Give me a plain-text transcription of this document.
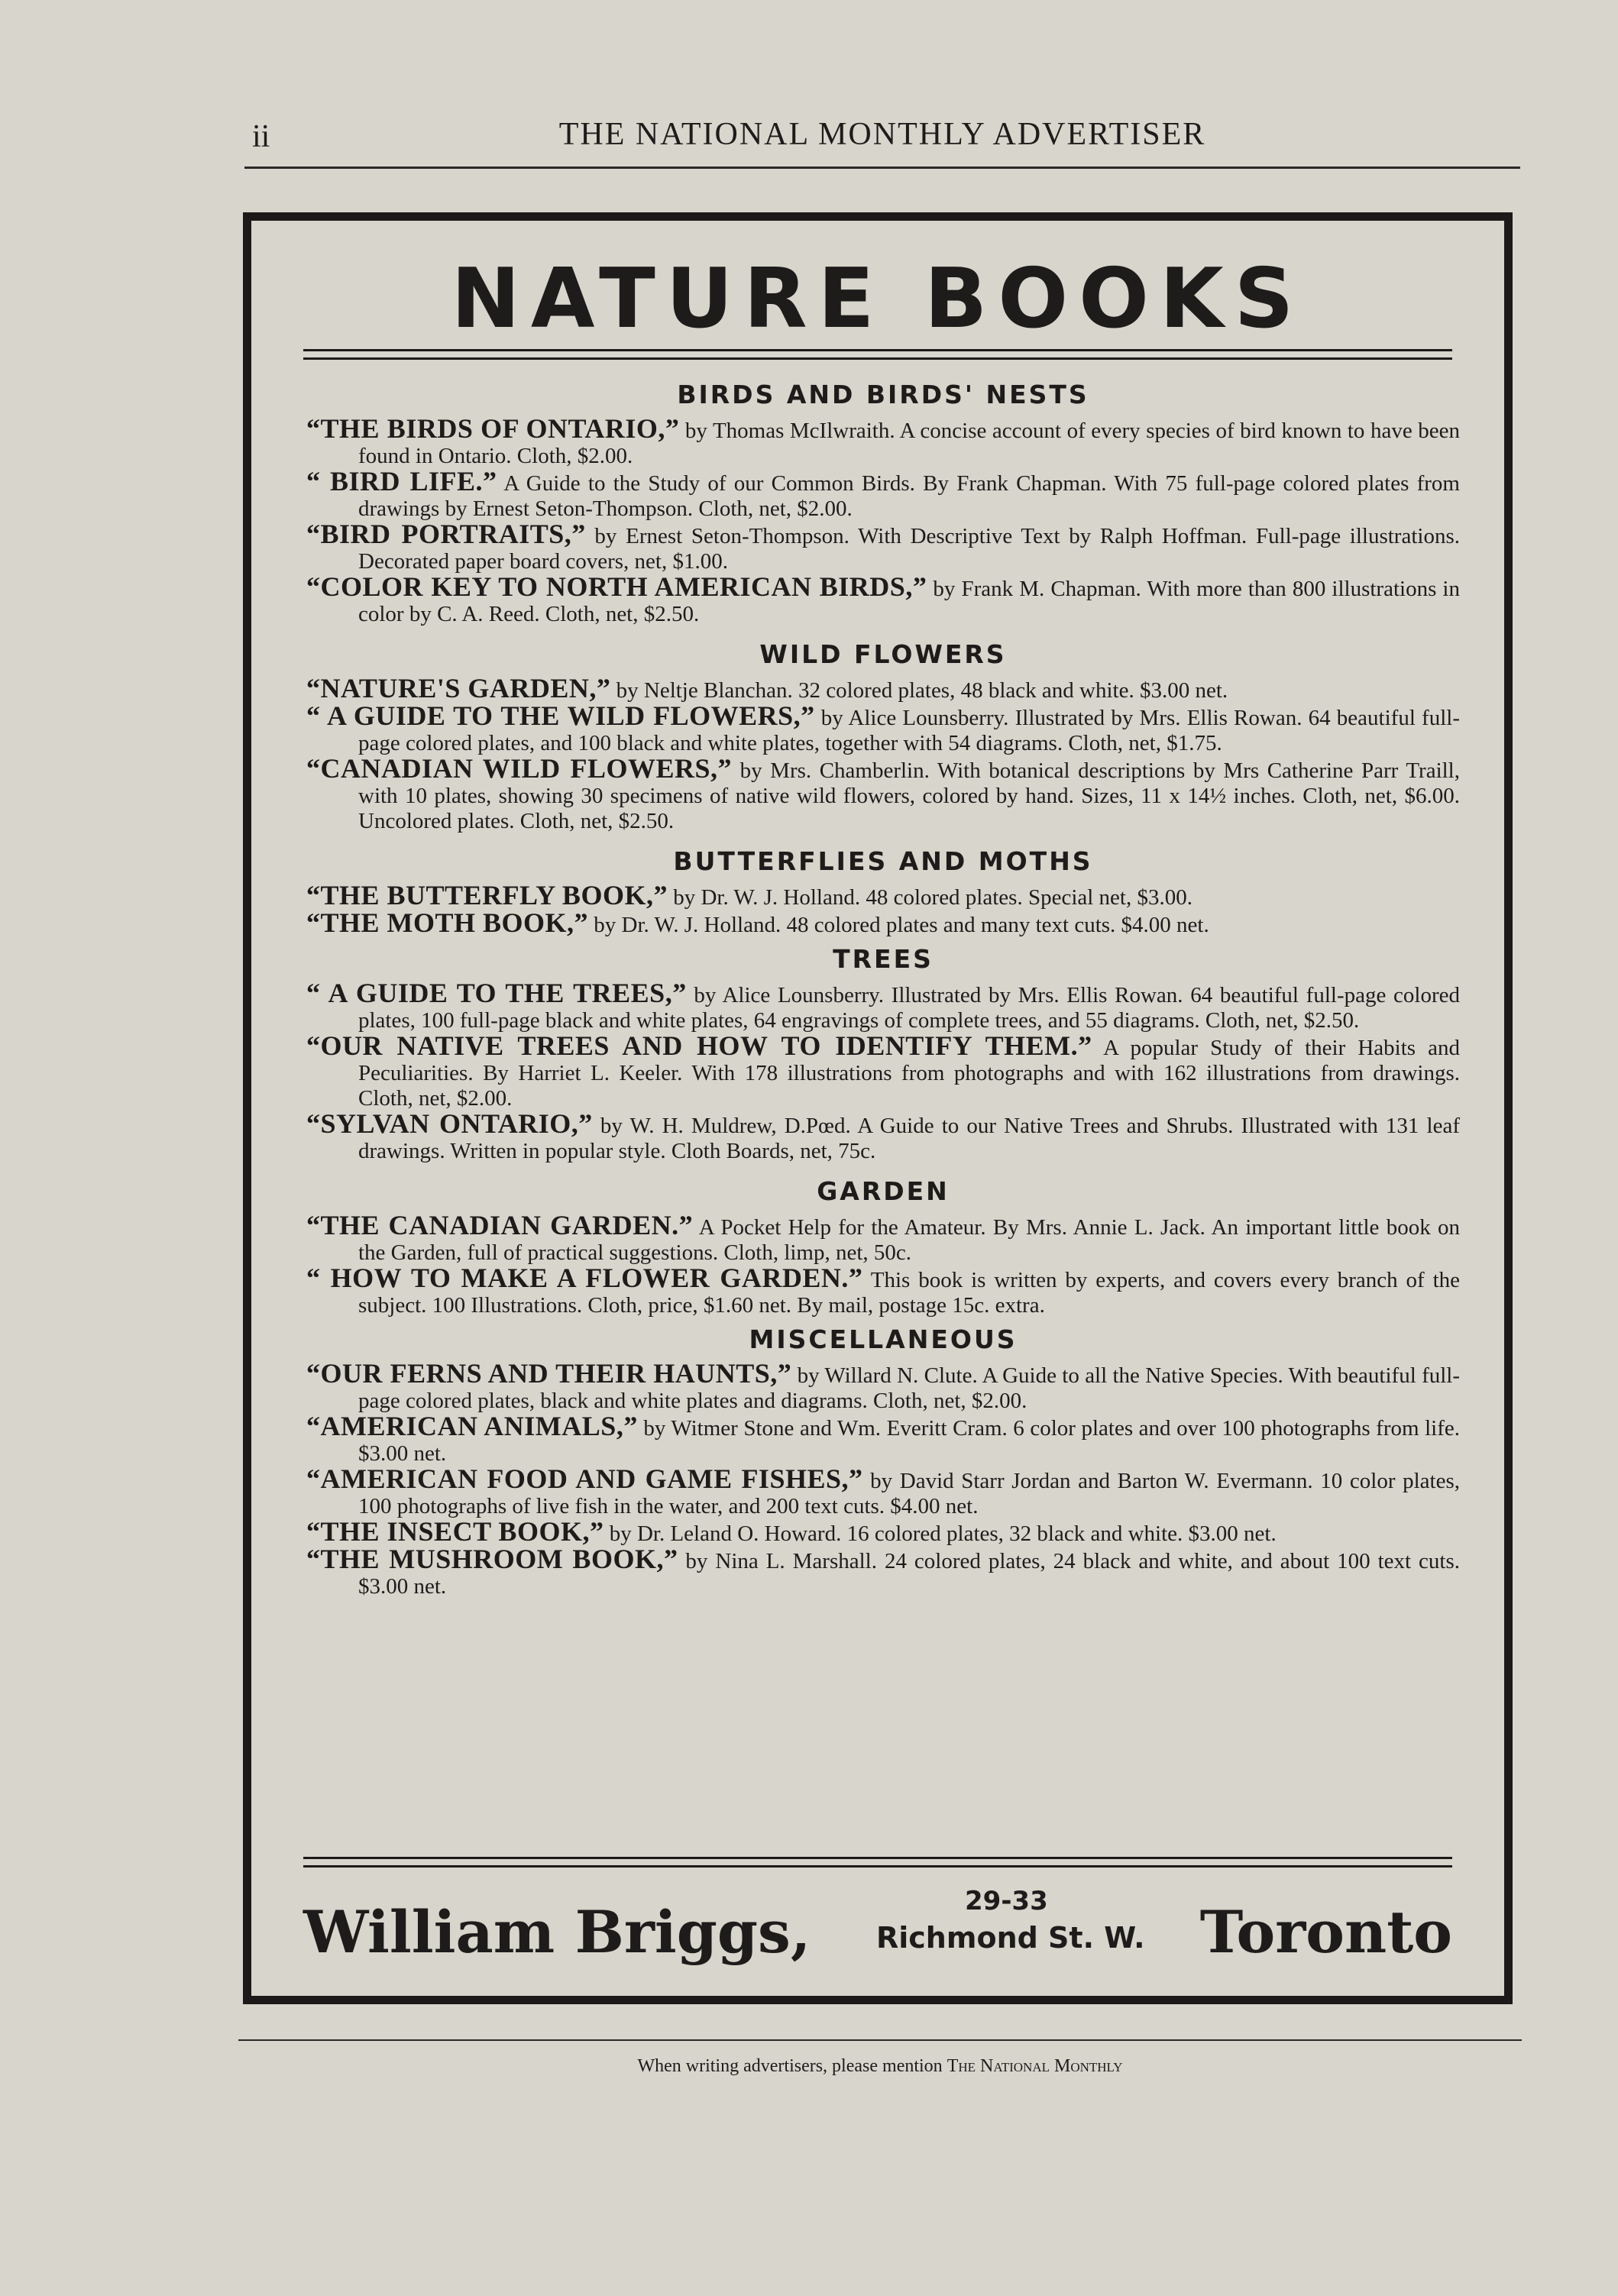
ii	THE NATIONAL MONTHLY ADVERTISER
NATURE BOOKS
BIRDS AND BIRDS' NESTS
“THE BIRDS OF ONTARIO,” by Thomas McIlwraith. A concise account of every species of bird known to have been found in Ontario. Cloth, $2.00.
“ BIRD LIFE.” A Guide to the Study of our Common Birds. By Frank Chapman. With 75 full-page colored plates from drawings by Ernest Seton-Thompson. Cloth, net, $2.00.
“BIRD PORTRAITS,” by Ernest Seton-Thompson. With Descriptive Text by Ralph Hoffman. Full-page illustrations. Decorated paper board covers, net, $1.00.
“COLOR KEY TO NORTH AMERICAN BIRDS,” by Frank M. Chapman. With more than 800 illustrations in color by C. A. Reed. Cloth, net, $2.50.
WILD FLOWERS
“NATURE'S GARDEN,” by Neltje Blanchan. 32 colored plates, 48 black and white. $3.00 net.
“ A GUIDE TO THE WILD FLOWERS,” by Alice Lounsberry. Illustrated by Mrs. Ellis Rowan. 64 beautiful full-page colored plates, and 100 black and white plates, together with 54 diagrams. Cloth, net, $1.75.
“CANADIAN WILD FLOWERS,” by Mrs. Chamberlin. With botanical descriptions by Mrs Catherine Parr Traill, with 10 plates, showing 30 specimens of native wild flowers, colored by hand. Sizes, 11 x 14½ inches. Cloth, net, $6.00. Uncolored plates. Cloth, net, $2.50.
BUTTERFLIES AND MOTHS
“THE BUTTERFLY BOOK,” by Dr. W. J. Holland. 48 colored plates. Special net, $3.00.
“THE MOTH BOOK,” by Dr. W. J. Holland. 48 colored plates and many text cuts. $4.00 net.
TREES
“ A GUIDE TO THE TREES,” by Alice Lounsberry. Illustrated by Mrs. Ellis Rowan. 64 beautiful full-page colored plates, 100 full-page black and white plates, 64 engravings of complete trees, and 55 diagrams. Cloth, net, $2.50.
“OUR NATIVE TREES AND HOW TO IDENTIFY THEM.” A popular Study of their Habits and Peculiarities. By Harriet L. Keeler. With 178 illustrations from photographs and with 162 illustrations from drawings. Cloth, net, $2.00.
“SYLVAN ONTARIO,” by W. H. Muldrew, D.Pœd. A Guide to our Native Trees and Shrubs. Illustrated with 131 leaf drawings. Written in popular style. Cloth Boards, net, 75c.
GARDEN
“THE CANADIAN GARDEN.” A Pocket Help for the Amateur. By Mrs. Annie L. Jack. An important little book on the Garden, full of practical suggestions. Cloth, limp, net, 50c.
“ HOW TO MAKE A FLOWER GARDEN.” This book is written by experts, and covers every branch of the subject. 100 Illustrations. Cloth, price, $1.60 net. By mail, postage 15c. extra.
MISCELLANEOUS
“OUR FERNS AND THEIR HAUNTS,” by Willard N. Clute. A Guide to all the Native Species. With beautiful full-page colored plates, black and white plates and diagrams. Cloth, net, $2.00.
“AMERICAN ANIMALS,” by Witmer Stone and Wm. Everitt Cram. 6 color plates and over 100 photographs from life. $3.00 net.
“AMERICAN FOOD AND GAME FISHES,” by David Starr Jordan and Barton W. Evermann. 10 color plates, 100 photographs of live fish in the water, and 200 text cuts. $4.00 net.
“THE INSECT BOOK,” by Dr. Leland O. Howard. 16 colored plates, 32 black and white. $3.00 net.
“THE MUSHROOM BOOK,” by Nina L. Marshall. 24 colored plates, 24 black and white, and about 100 text cuts. $3.00 net.
William Briggs,	29-33
Richmond St. W. Toronto
When writing advertisers, please mention The National Monthly
